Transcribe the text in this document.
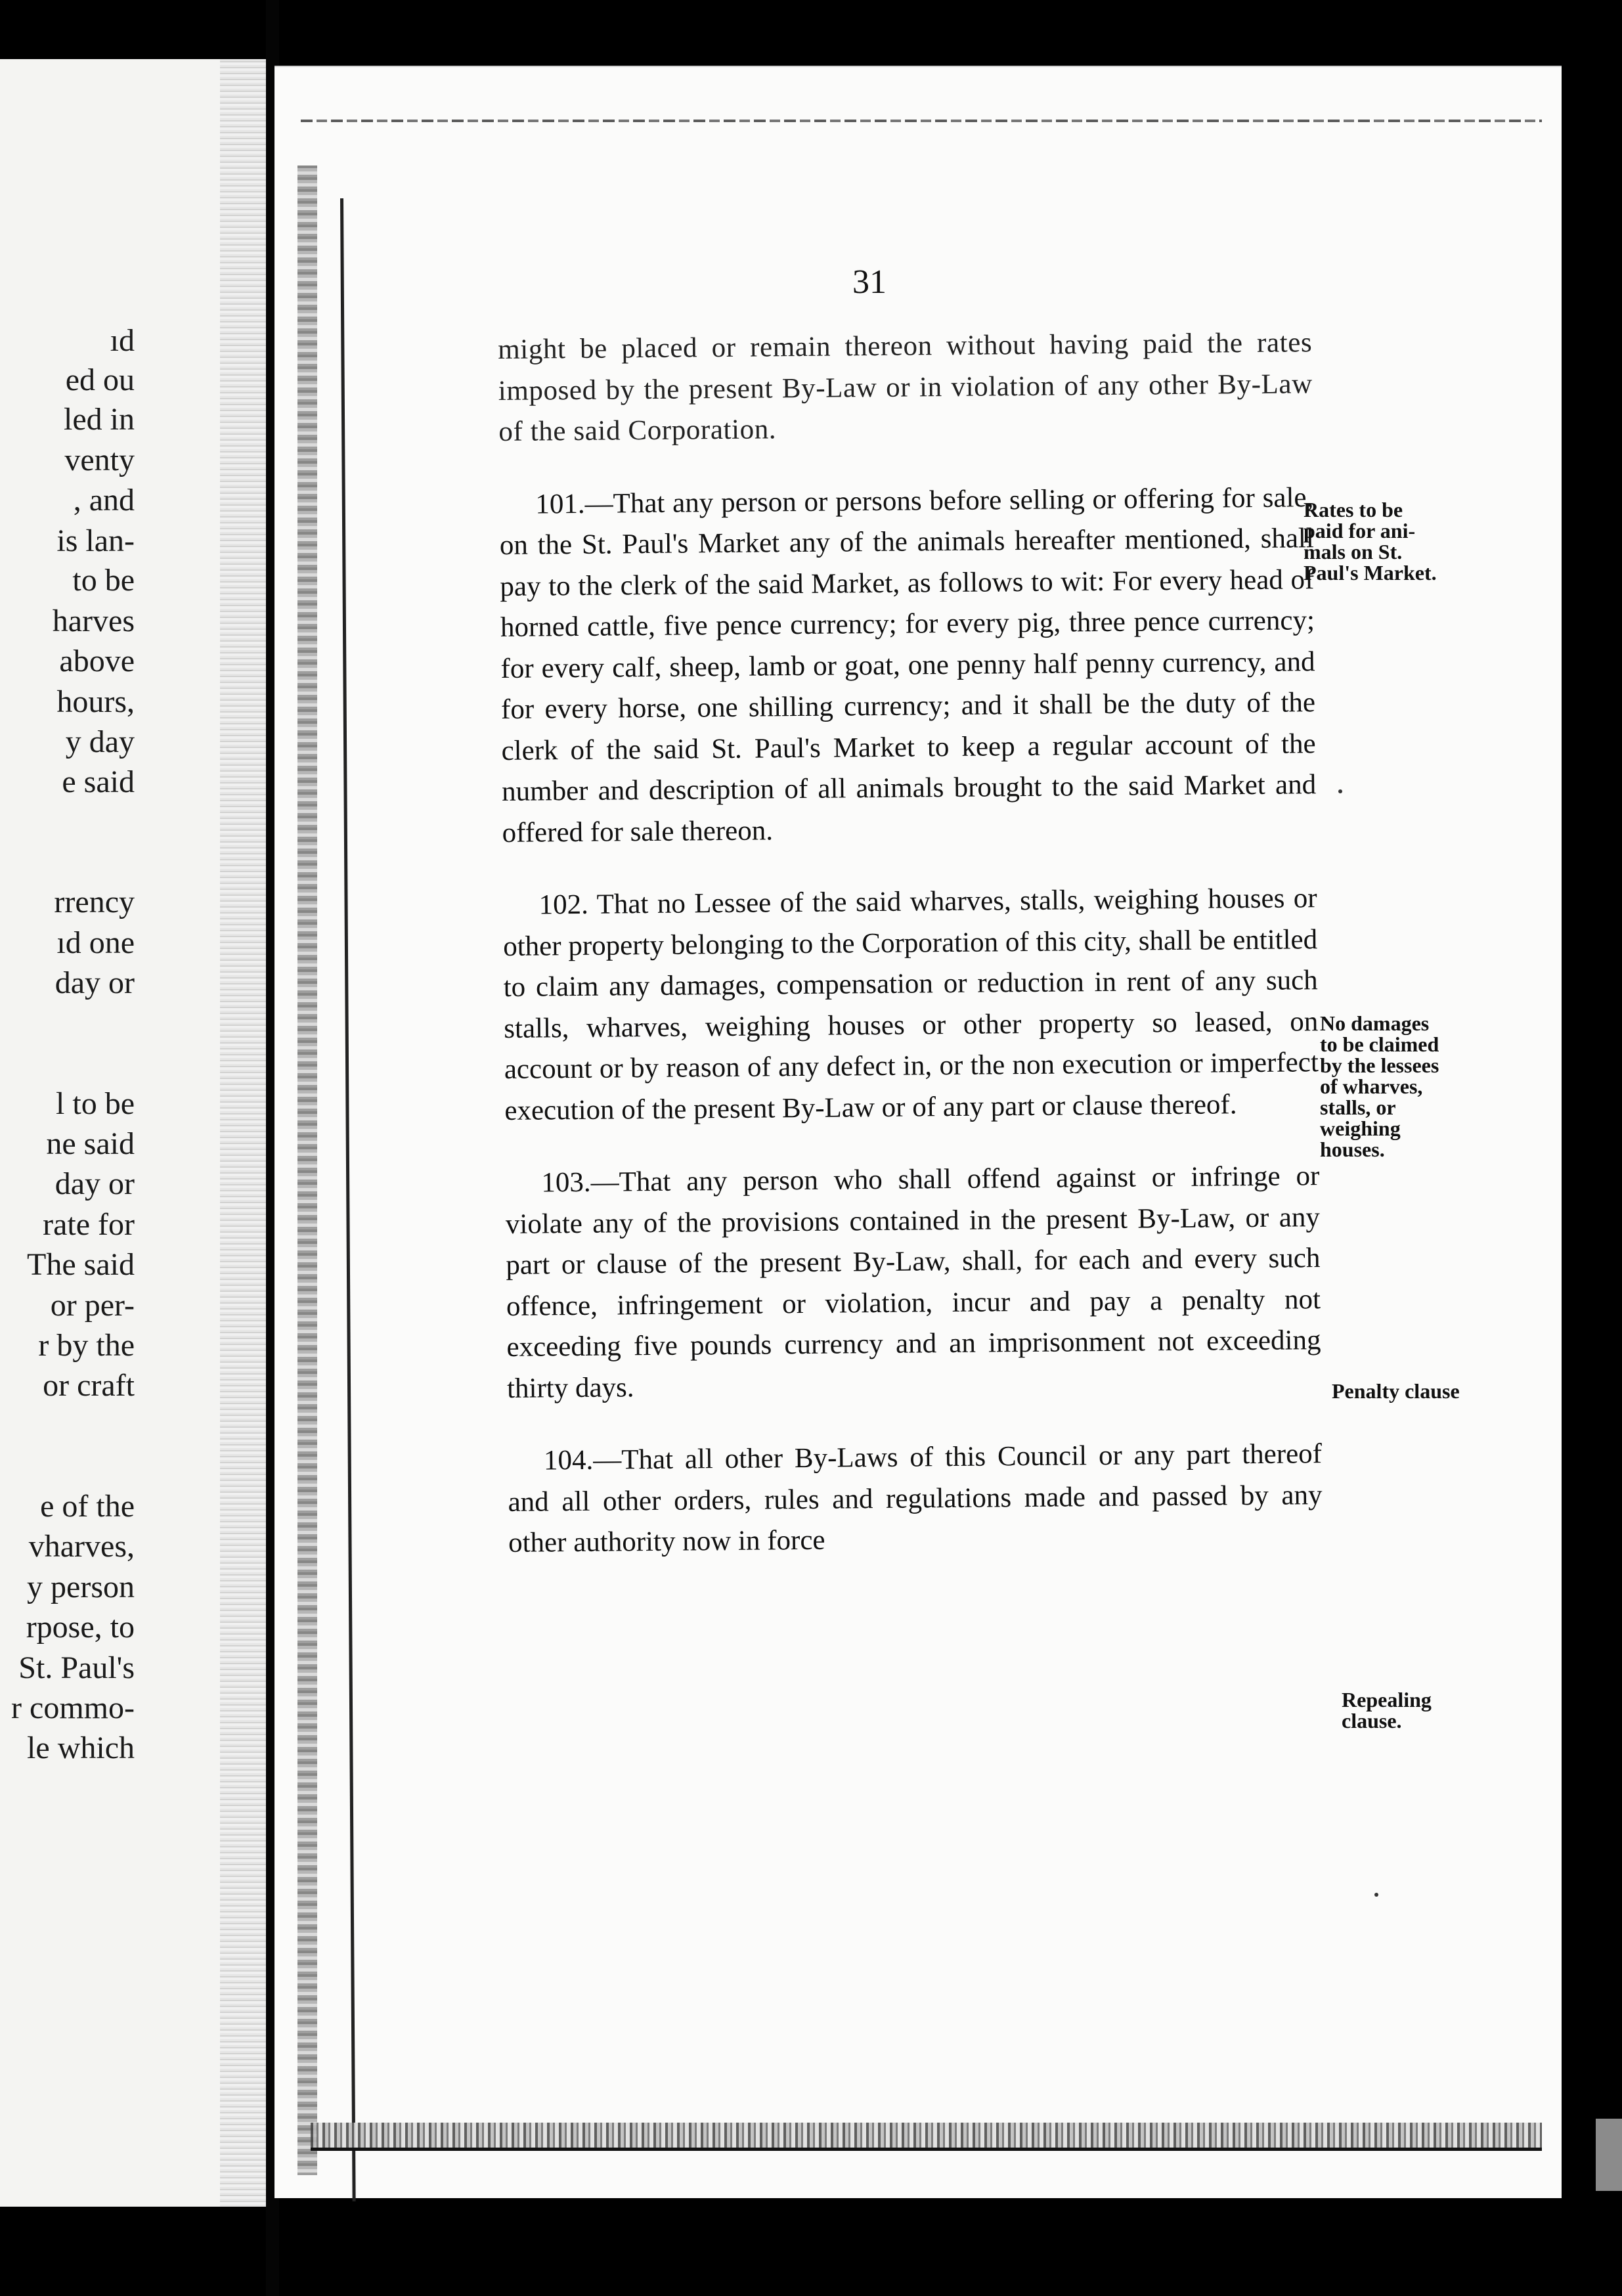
ıd
ed ou
led in
venty
, and
is lan-
to be
harves
above
hours,
y day
e said
rrency
ıd one
day or
l to be
ne said
day or
rate for
The said
or per-
r by the
or craft
e of the
vharves,
y person
rpose, to
St. Paul's
r commo-
le which
31

might be placed or remain thereon without having paid the rates imposed by the present By-Law or in violation of any other By-Law of the said Corporation.

101.—That any person or persons before selling or offering for sale, on the St. Paul's Market any of the animals hereafter mentioned, shall pay to the clerk of the said Market, as follows to wit: For every head of horned cattle, five pence currency; for every pig, three pence currency; for every calf, sheep, lamb or goat, one penny half penny currency, and for every horse, one shilling currency; and it shall be the duty of the clerk of the said St. Paul's Market to keep a regular account of the number and description of all animals brought to the said Market and offered for sale thereon.

102. That no Lessee of the said wharves, stalls, weighing houses or other property belonging to the Corporation of this city, shall be entitled to claim any damages, compensation or reduction in rent of any such stalls, wharves, weighing houses or other property so leased, on account or by reason of any defect in, or the non execution or imperfect execution of the present By-Law or of any part or clause thereof.

103.—That any person who shall offend against or infringe or violate any of the provisions contained in the present By-Law, or any part or clause of the present By-Law, shall, for each and every such offence, infringement or violation, incur and pay a penalty not exceeding five pounds currency and an imprisonment not exceeding thirty days.

104.—That all other By-Laws of this Council or any part thereof and all other orders, rules and regulations made and passed by any other authority now in force

Rates to be
paid for ani-
mals on St.
Paul's Market.
No damages
to be claimed
by the lessees
of wharves,
stalls, or
weighing
houses.
Penalty clause
Repealing
clause.
